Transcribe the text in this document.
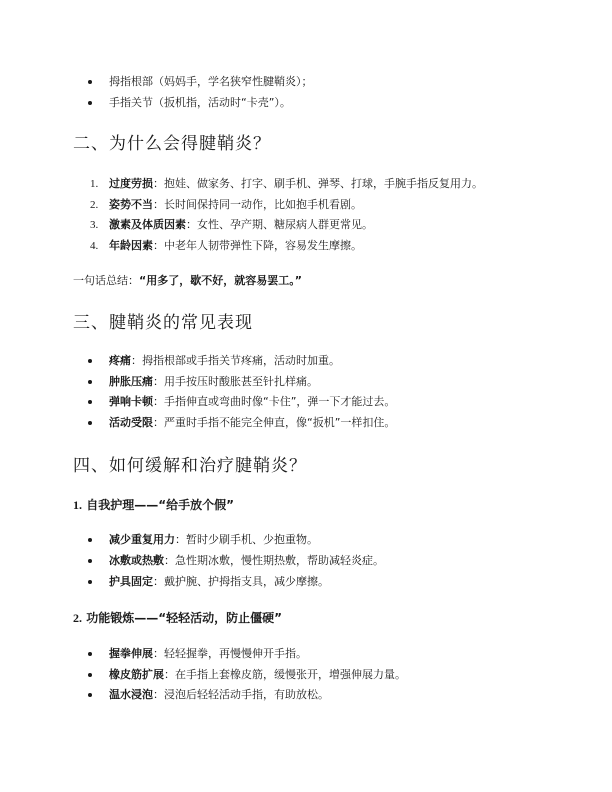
拇指根部（妈妈手，学名狭窄性腱鞘炎）；
手指关节（扳机指，活动时“卡壳”）。
二、为什么会得腱鞘炎？
1. 过度劳损：抱娃、做家务、打字、刷手机、弹琴、打球，手腕手指反复用力。
2. 姿势不当：长时间保持同一动作，比如抱手机看剧。
3. 激素及体质因素：女性、孕产期、糖尿病人群更常见。
4. 年龄因素：中老年人韧带弹性下降，容易发生摩擦。
一句话总结：“用多了，歇不好，就容易罢工。”
三、腱鞘炎的常见表现
疼痛：拇指根部或手指关节疼痛，活动时加重。
肿胀压痛：用手按压时酸胀甚至针扎样痛。
弹响卡顿：手指伸直或弯曲时像“卡住”，弹一下才能过去。
活动受限：严重时手指不能完全伸直，像“扳机”一样扣住。
四、如何缓解和治疗腱鞘炎？
1. 自我护理——“给手放个假”
减少重复用力：暂时少刷手机、少抱重物。
冰敷或热敷：急性期冰敷，慢性期热敷，帮助减轻炎症。
护具固定：戴护腕、护拇指支具，减少摩擦。
2. 功能锻炼——“轻轻活动，防止僵硬”
握拳伸展：轻轻握拳，再慢慢伸开手指。
橡皮筋扩展：在手指上套橡皮筋，缓慢张开，增强伸展力量。
温水浸泡：浸泡后轻轻活动手指，有助放松。
